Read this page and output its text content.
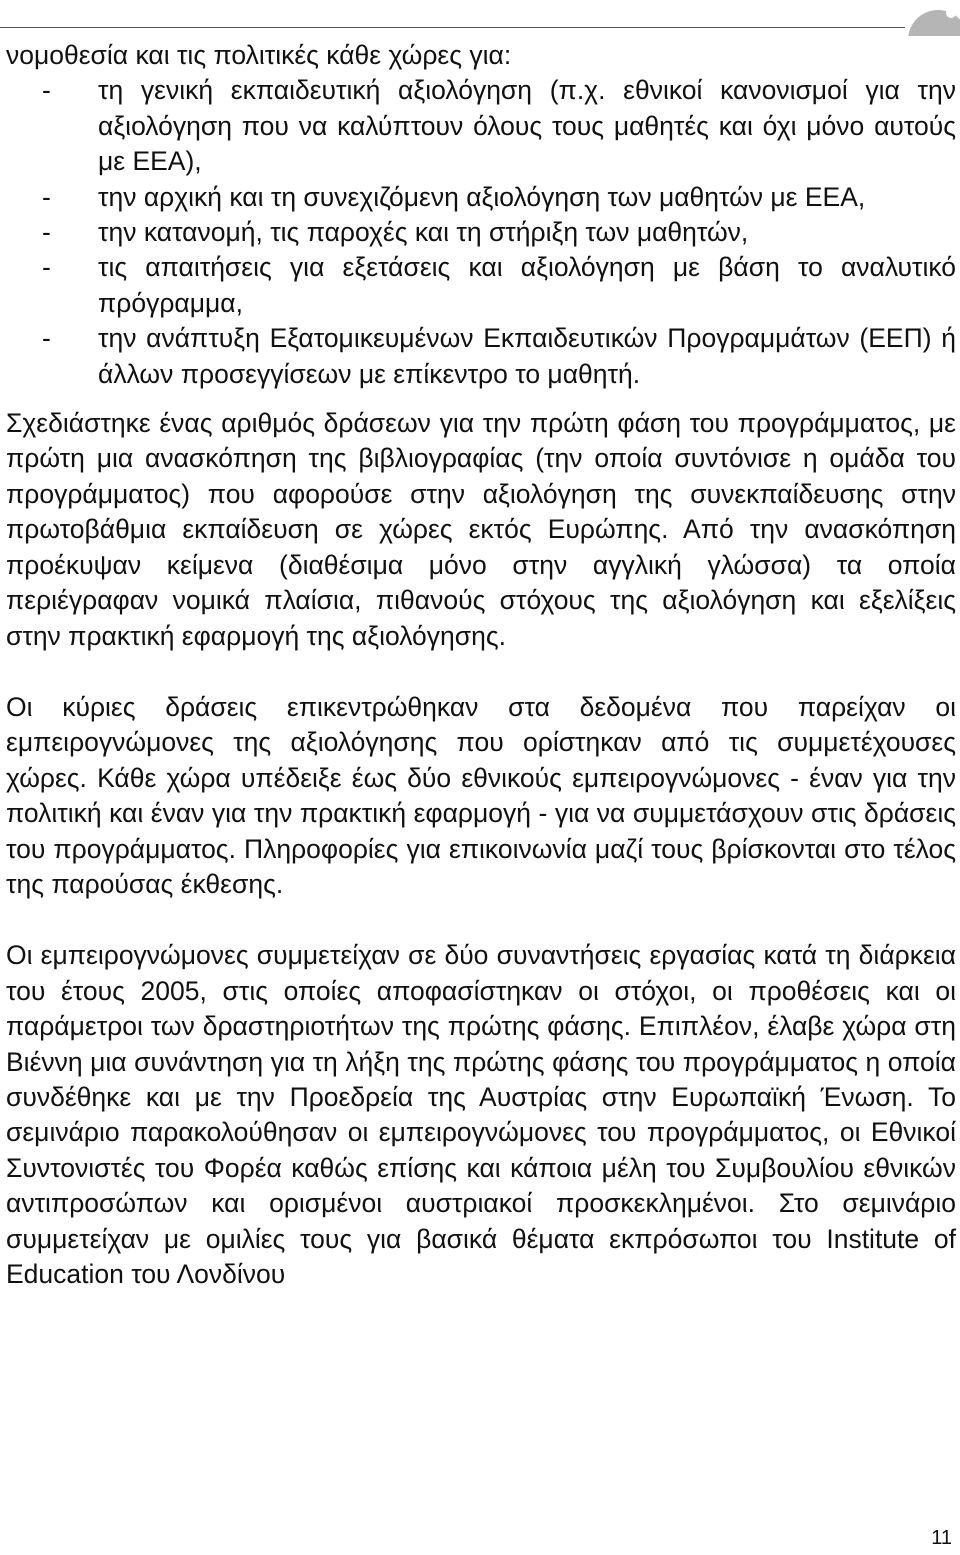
νομοθεσία και τις πολιτικές κάθε χώρες για:

- τη γενική εκπαιδευτική αξιολόγηση (π.χ. εθνικοί κανονισμοί για την αξιολόγηση που να καλύπτουν όλους τους μαθητές και όχι μόνο αυτούς με ΕΕΑ),
- την αρχική και τη συνεχιζόμενη αξιολόγηση των μαθητών με ΕΕΑ,
- την κατανομή, τις παροχές και τη στήριξη των μαθητών,
- τις απαιτήσεις για εξετάσεις και αξιολόγηση με βάση το αναλυτικό πρόγραμμα,
- την ανάπτυξη Εξατομικευμένων Εκπαιδευτικών Προγραμμάτων (ΕΕΠ) ή άλλων προσεγγίσεων με επίκεντρο το μαθητή.

Σχεδιάστηκε ένας αριθμός δράσεων για την πρώτη φάση του προγράμματος, με πρώτη μια ανασκόπηση της βιβλιογραφίας (την οποία συντόνισε η ομάδα του προγράμματος) που αφορούσε στην αξιολόγηση της συνεκπαίδευσης στην πρωτοβάθμια εκπαίδευση σε χώρες εκτός Ευρώπης. Από την ανασκόπηση προέκυψαν κείμενα (διαθέσιμα μόνο στην αγγλική γλώσσα) τα οποία περιέγραφαν νομικά πλαίσια, πιθανούς στόχους της αξιολόγηση και εξελίξεις στην πρακτική εφαρμογή της αξιολόγησης.

Οι κύριες δράσεις επικεντρώθηκαν στα δεδομένα που παρείχαν οι εμπειρογνώμονες της αξιολόγησης που ορίστηκαν από τις συμμετέχουσες χώρες. Κάθε χώρα υπέδειξε έως δύο εθνικούς εμπειρογνώμονες - έναν για την πολιτική και έναν για την πρακτική εφαρμογή - για να συμμετάσχουν στις δράσεις του προγράμματος. Πληροφορίες για επικοινωνία μαζί τους βρίσκονται στο τέλος της παρούσας έκθεσης.

Οι εμπειρογνώμονες συμμετείχαν σε δύο συναντήσεις εργασίας κατά τη διάρκεια του έτους 2005, στις οποίες αποφασίστηκαν οι στόχοι, οι προθέσεις και οι παράμετροι των δραστηριοτήτων της πρώτης φάσης. Επιπλέον, έλαβε χώρα στη Βιέννη μια συνάντηση για τη λήξη της πρώτης φάσης του προγράμματος η οποία συνδέθηκε και με την Προεδρεία της Αυστρίας στην Ευρωπαϊκή Ένωση. Το σεμινάριο παρακολούθησαν οι εμπειρογνώμονες του προγράμματος, οι Εθνικοί Συντονιστές του Φορέα καθώς επίσης και κάποια μέλη του Συμβουλίου εθνικών αντιπροσώπων και ορισμένοι αυστριακοί προσκεκλημένοι. Στο σεμινάριο συμμετείχαν με ομιλίες τους για βασικά θέματα εκπρόσωποι του Institute of Education του Λονδίνου

11
